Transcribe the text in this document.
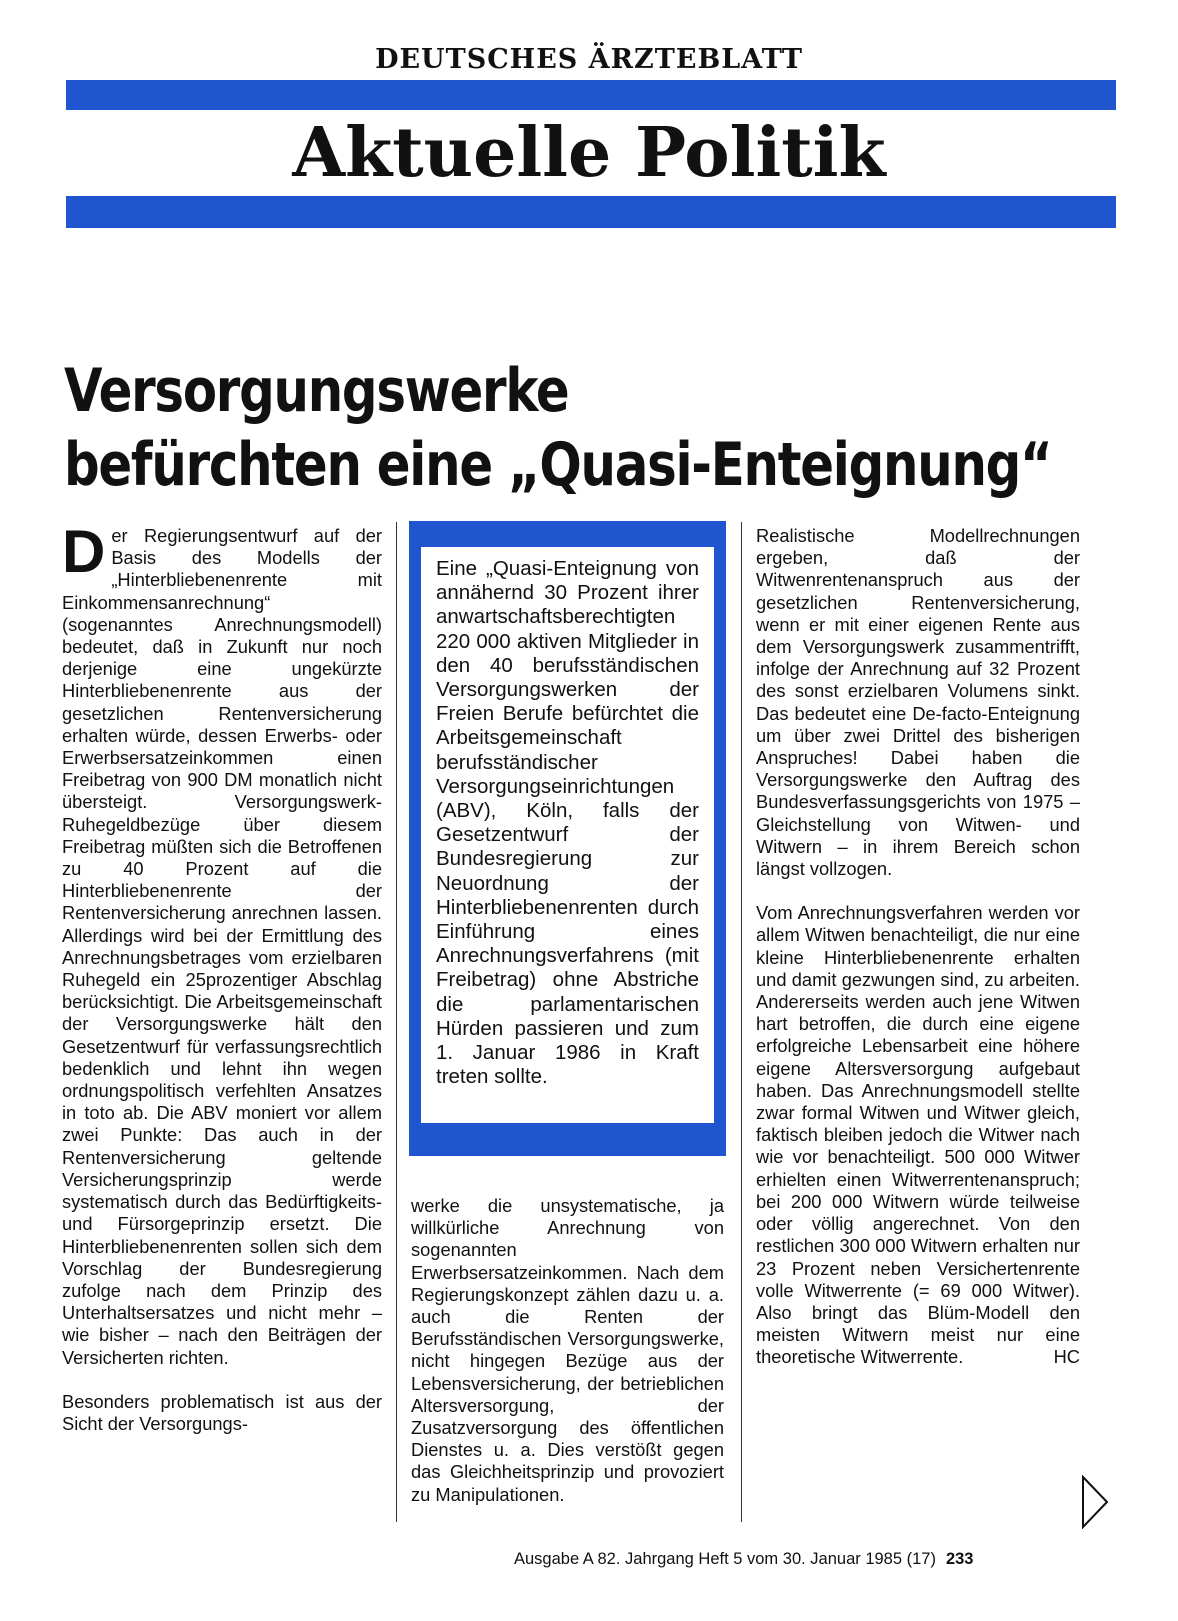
DEUTSCHES ÄRZTEBLATT
Aktuelle Politik
Versorgungswerke
befürchten eine „Quasi-Enteignung“

Der Regierungsentwurf auf der Basis des Modells der „Hinterbliebenenrente mit Einkommensanrechnung“ (sogenanntes Anrechnungsmodell) bedeutet, daß in Zukunft nur noch derjenige eine ungekürzte Hinterbliebenenrente aus der gesetzlichen Rentenversicherung erhalten würde, dessen Erwerbs- oder Erwerbsersatzeinkommen einen Freibetrag von 900 DM monatlich nicht übersteigt. Versorgungswerk-Ruhegeldbezüge über diesem Freibetrag müßten sich die Betroffenen zu 40 Prozent auf die Hinterbliebenenrente der Rentenversicherung anrechnen lassen. Allerdings wird bei der Ermittlung des Anrechnungsbetrages vom erzielbaren Ruhegeld ein 25prozentiger Abschlag berücksichtigt. Die Arbeitsgemeinschaft der Versorgungswerke hält den Gesetzentwurf für verfassungsrechtlich bedenklich und lehnt ihn wegen ordnungspolitisch verfehlten Ansatzes in toto ab. Die ABV moniert vor allem zwei Punkte: Das auch in der Rentenversicherung geltende Versicherungsprinzip werde systematisch durch das Bedürftigkeits- und Fürsorgeprinzip ersetzt. Die Hinterbliebenenrenten sollen sich dem Vorschlag der Bundesregierung zufolge nach dem Prinzip des Unterhaltsersatzes und nicht mehr – wie bisher – nach den Beiträgen der Versicherten richten.

Besonders problematisch ist aus der Sicht der Versorgungs-

Eine „Quasi-Enteignung von annähernd 30 Prozent ihrer anwartschaftsberechtigten 220 000 aktiven Mitglieder in den 40 berufsständischen Versorgungswerken der Freien Berufe befürchtet die Arbeitsgemeinschaft berufsständischer Versorgungseinrichtungen (ABV), Köln, falls der Gesetzentwurf der Bundesregierung zur Neuordnung der Hinterbliebenenrenten durch Einführung eines Anrechnungsverfahrens (mit Freibetrag) ohne Abstriche die parlamentarischen Hürden passieren und zum 1. Januar 1986 in Kraft treten sollte.

werke die unsystematische, ja willkürliche Anrechnung von sogenannten Erwerbsersatzeinkommen. Nach dem Regierungskonzept zählen dazu u. a. auch die Renten der Berufsständischen Versorgungswerke, nicht hingegen Bezüge aus der Lebensversicherung, der betrieblichen Altersversorgung, der Zusatzversorgung des öffentlichen Dienstes u. a. Dies verstößt gegen das Gleichheitsprinzip und provoziert zu Manipulationen.

Realistische Modellrechnungen ergeben, daß der Witwenrentenanspruch aus der gesetzlichen Rentenversicherung, wenn er mit einer eigenen Rente aus dem Versorgungswerk zusammentrifft, infolge der Anrechnung auf 32 Prozent des sonst erzielbaren Volumens sinkt. Das bedeutet eine De-facto-Enteignung um über zwei Drittel des bisherigen Anspruches! Dabei haben die Versorgungswerke den Auftrag des Bundesverfassungsgerichts von 1975 – Gleichstellung von Witwen- und Witwern – in ihrem Bereich schon längst vollzogen.

Vom Anrechnungsverfahren werden vor allem Witwen benachteiligt, die nur eine kleine Hinterbliebenenrente erhalten und damit gezwungen sind, zu arbeiten. Andererseits werden auch jene Witwen hart betroffen, die durch eine eigene erfolgreiche Lebensarbeit eine höhere eigene Altersversorgung aufgebaut haben. Das Anrechnungsmodell stellte zwar formal Witwen und Witwer gleich, faktisch bleiben jedoch die Witwer nach wie vor benachteiligt. 500 000 Witwer erhielten einen Witwerrentenanspruch; bei 200 000 Witwern würde teilweise oder völlig angerechnet. Von den restlichen 300 000 Witwern erhalten nur 23 Prozent neben Versichertenrente volle Witwerrente (= 69 000 Witwer). Also bringt das Blüm-Modell den meisten Witwern meist nur eine theoretische Witwerrente.	HC

Ausgabe A 82. Jahrgang Heft 5 vom 30. Januar 1985 (17) 233
